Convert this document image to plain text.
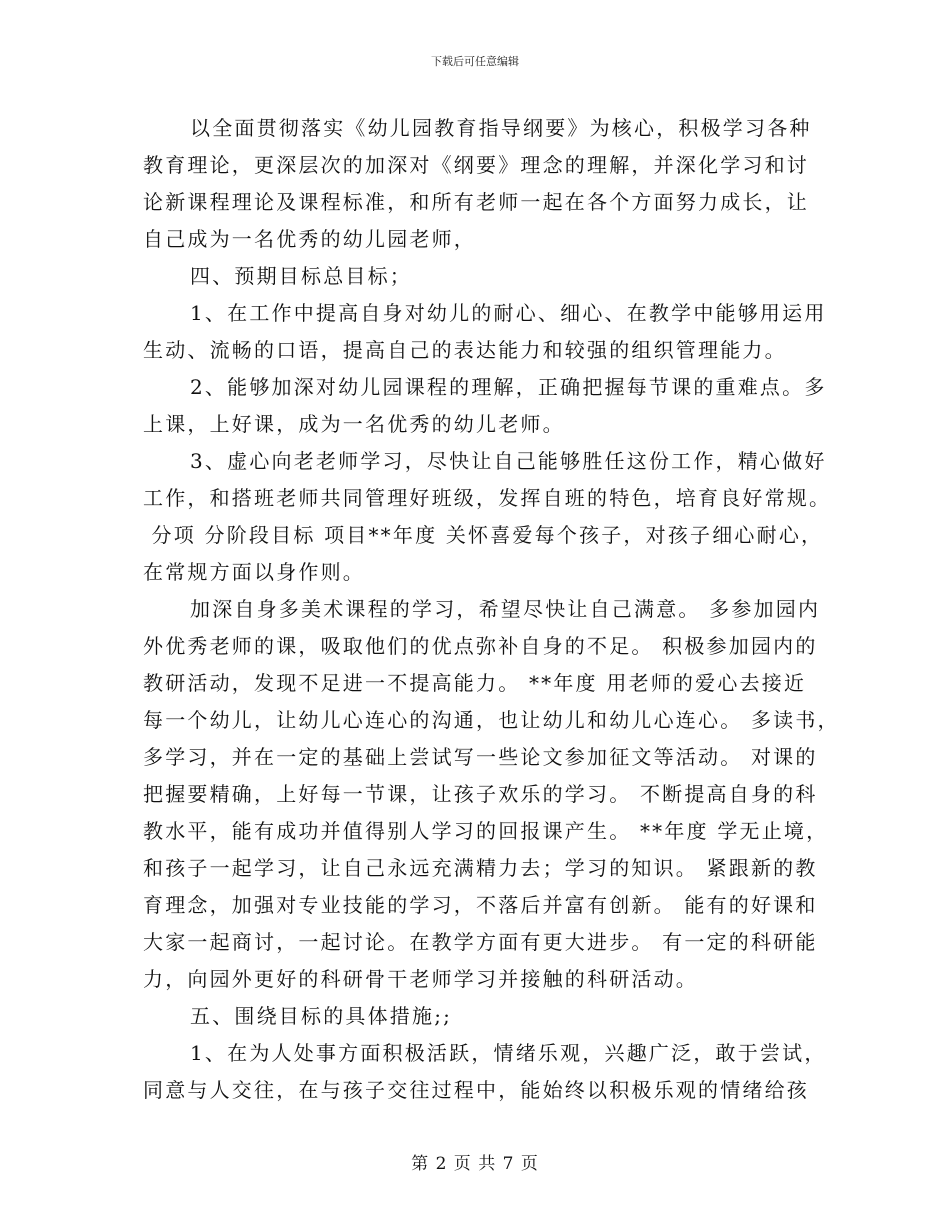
下载后可任意编辑
以全面贯彻落实《幼儿园教育指导纲要》为核心，积极学习各种
教育理论，更深层次的加深对《纲要》理念的理解，并深化学习和讨
论新课程理论及课程标准，和所有老师一起在各个方面努力成长，让
自己成为一名优秀的幼儿园老师，
四、预期目标总目标；
1、在工作中提高自身对幼儿的耐心、细心、在教学中能够用运用
生动、流畅的口语，提高自己的表达能力和较强的组织管理能力。
2、能够加深对幼儿园课程的理解，正确把握每节课的重难点。多
上课，上好课，成为一名优秀的幼儿老师。
3、虚心向老老师学习，尽快让自己能够胜任这份工作，精心做好
工作，和搭班老师共同管理好班级，发挥自班的特色，培育良好常规。
分项 分阶段目标 项目**年度 关怀喜爱每个孩子，对孩子细心耐心，
在常规方面以身作则。
加深自身多美术课程的学习，希望尽快让自己满意。 多参加园内
外优秀老师的课，吸取他们的优点弥补自身的不足。 积极参加园内的
教研活动，发现不足进一不提高能力。 **年度 用老师的爱心去接近
每一个幼儿，让幼儿心连心的沟通，也让幼儿和幼儿心连心。 多读书，
多学习，并在一定的基础上尝试写一些论文参加征文等活动。 对课的
把握要精确，上好每一节课，让孩子欢乐的学习。 不断提高自身的科
教水平，能有成功并值得别人学习的回报课产生。 **年度 学无止境，
和孩子一起学习，让自己永远充满精力去；学习的知识。 紧跟新的教
育理念，加强对专业技能的学习，不落后并富有创新。 能有的好课和
大家一起商讨，一起讨论。在教学方面有更大进步。 有一定的科研能
力，向园外更好的科研骨干老师学习并接触的科研活动。
五、围绕目标的具体措施;;
1、在为人处事方面积极活跃，情绪乐观，兴趣广泛，敢于尝试，
同意与人交往，在与孩子交往过程中，能始终以积极乐观的情绪给孩
第 2 页 共 7 页
